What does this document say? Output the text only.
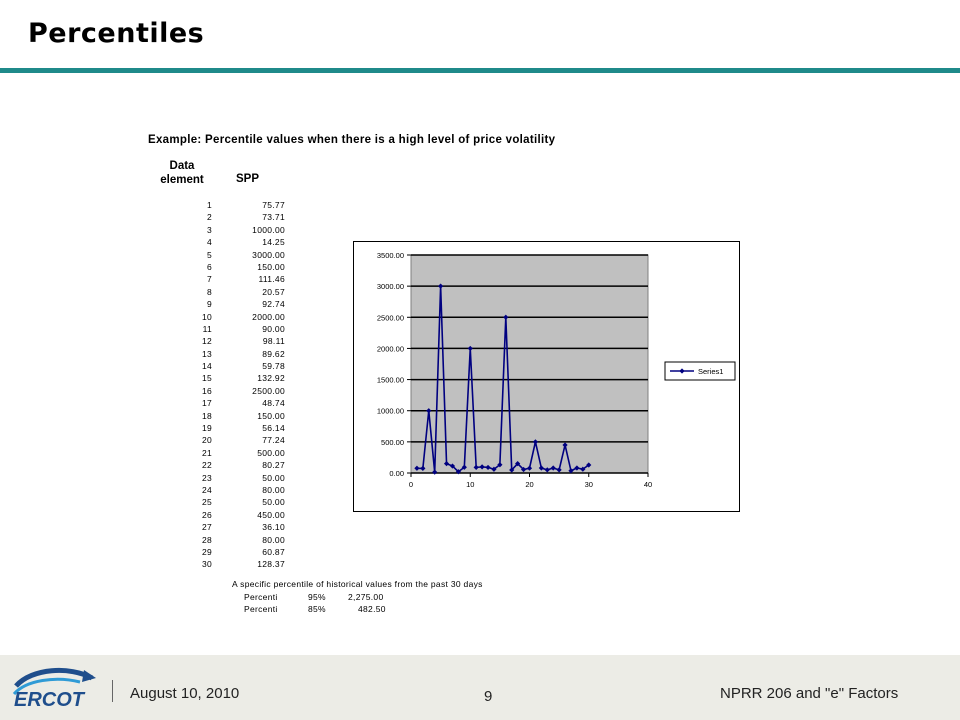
Percentiles
Example: Percentile values when there is a high level of price volatility
Data element	SPP
1	75.77
2	73.71
3	1000.00
4	14.25
5	3000.00
6	150.00
7	111.46
8	20.57
9	92.74
10	2000.00
11	90.00
12	98.11
13	89.62
14	59.78
15	132.92
16	2500.00
17	48.74
18	150.00
19	56.14
20	77.24
21	500.00
22	80.27
23	50.00
24	80.00
25	50.00
26	450.00
27	36.10
28	80.00
29	60.87
30	128.37
A specific percentile of historical values from the past 30 days
Percenti	95%	2,275.00
Percenti	85%	482.50
0.00
500.00
1000.00
1500.00
2000.00
2500.00
3000.00
3500.00
0	10	20	30	40
Series1
ERCOT	August 10, 2010	9	NPRR 206 and "e" Factors
